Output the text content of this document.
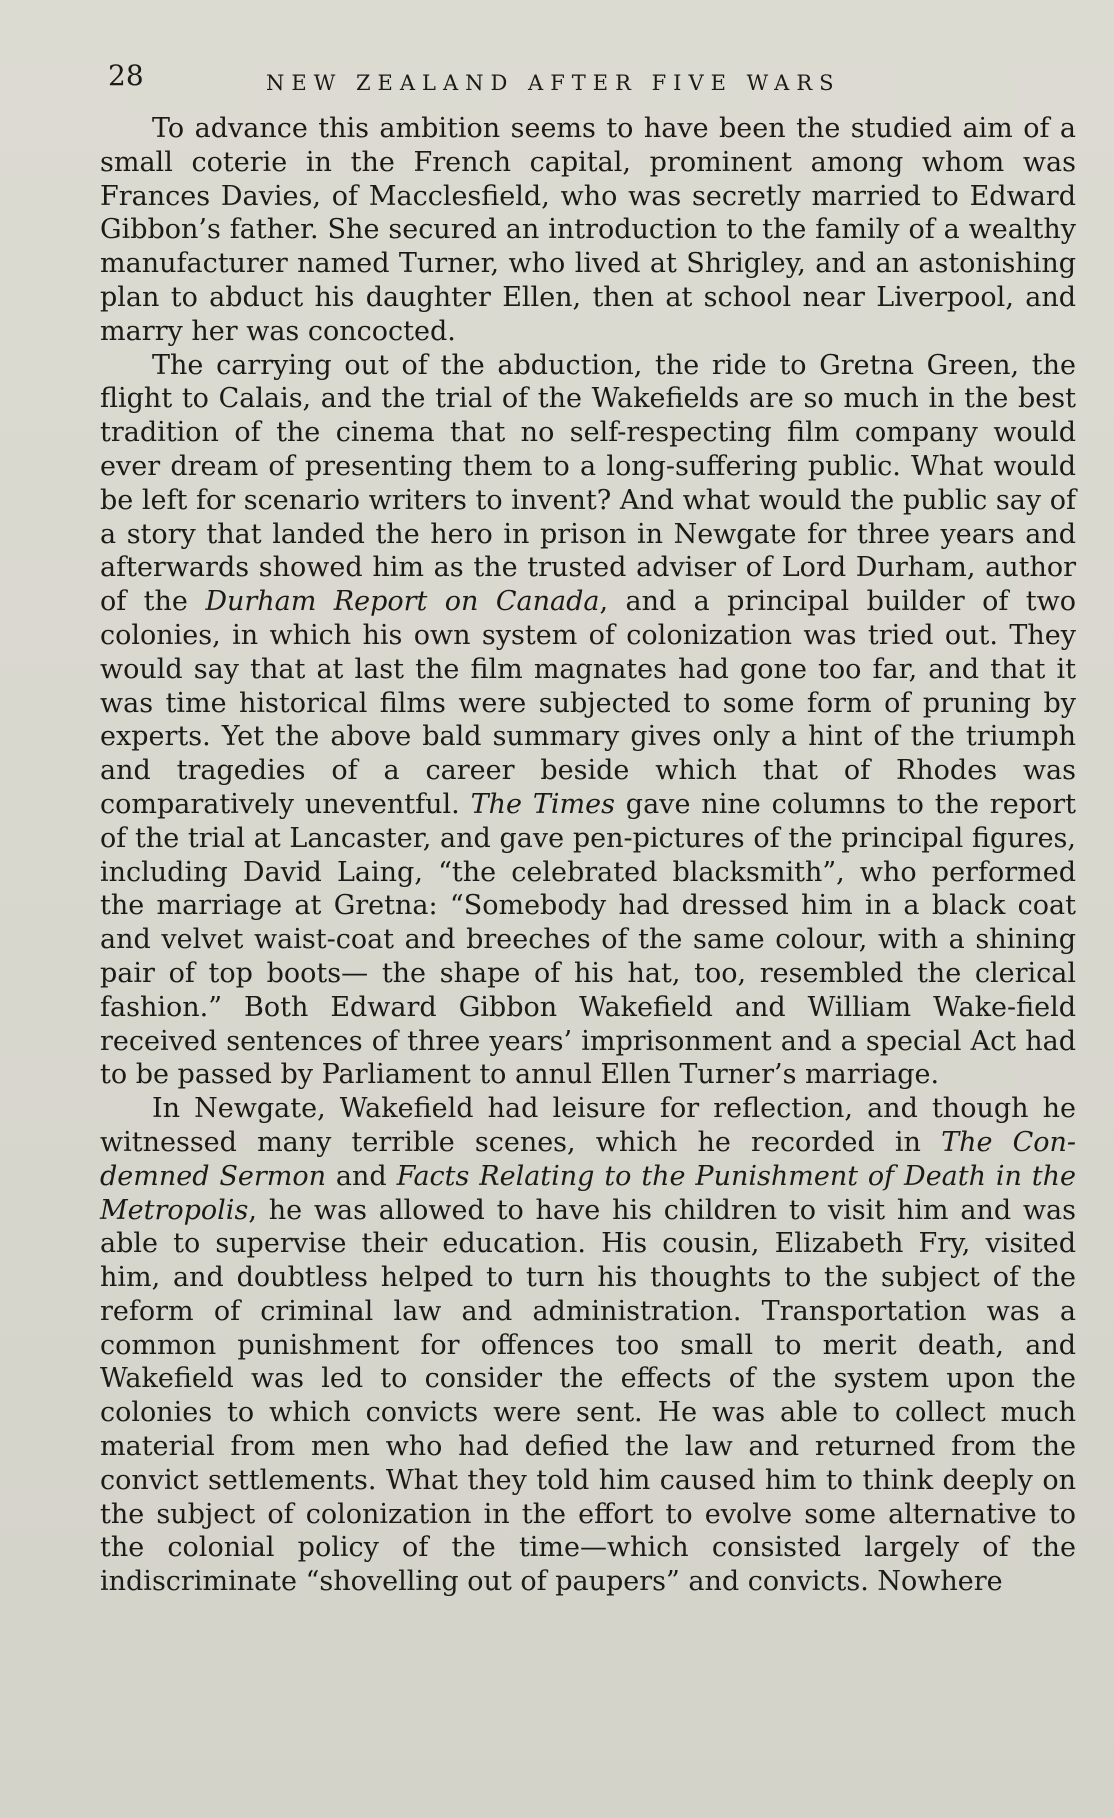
28	NEW ZEALAND AFTER FIVE WARS

To advance this ambition seems to have been the studied aim of a small coterie in the French capital, prominent among whom was Frances Davies, of Macclesfield, who was secretly married to Edward Gibbon’s father. She secured an introduction to the family of a wealthy manufacturer named Turner, who lived at Shrigley, and an astonishing plan to abduct his daughter Ellen, then at school near Liverpool, and marry her was concocted.

The carrying out of the abduction, the ride to Gretna Green, the flight to Calais, and the trial of the Wakefields are so much in the best tradition of the cinema that no self-respecting film company would ever dream of presenting them to a long-suffering public. What would be left for scenario writers to invent? And what would the public say of a story that landed the hero in prison in Newgate for three years and afterwards showed him as the trusted adviser of Lord Durham, author of the Durham Report on Canada, and a principal builder of two colonies, in which his own system of colonization was tried out. They would say that at last the film magnates had gone too far, and that it was time historical films were subjected to some form of pruning by experts. Yet the above bald summary gives only a hint of the triumph and tragedies of a career beside which that of Rhodes was comparatively uneventful. The Times gave nine columns to the report of the trial at Lancaster, and gave pen-pictures of the principal figures, including David Laing, “the celebrated blacksmith”, who performed the marriage at Gretna: “Somebody had dressed him in a black coat and velvet waist-coat and breeches of the same colour, with a shining pair of top boots— the shape of his hat, too, resembled the clerical fashion.” Both Edward Gibbon Wakefield and William Wake-field received sentences of three years’ imprisonment and a special Act had to be passed by Parliament to annul Ellen Turner’s marriage.

In Newgate, Wakefield had leisure for reflection, and though he witnessed many terrible scenes, which he recorded in The Con-demned Sermon and Facts Relating to the Punishment of Death in the Metropolis, he was allowed to have his children to visit him and was able to supervise their education. His cousin, Elizabeth Fry, visited him, and doubtless helped to turn his thoughts to the subject of the reform of criminal law and administration. Transportation was a common punishment for offences too small to merit death, and Wakefield was led to consider the effects of the system upon the colonies to which convicts were sent. He was able to collect much material from men who had defied the law and returned from the convict settlements. What they told him caused him to think deeply on the subject of colonization in the effort to evolve some alternative to the colonial policy of the time—which consisted largely of the indiscriminate “shovelling out of paupers” and convicts. Nowhere
